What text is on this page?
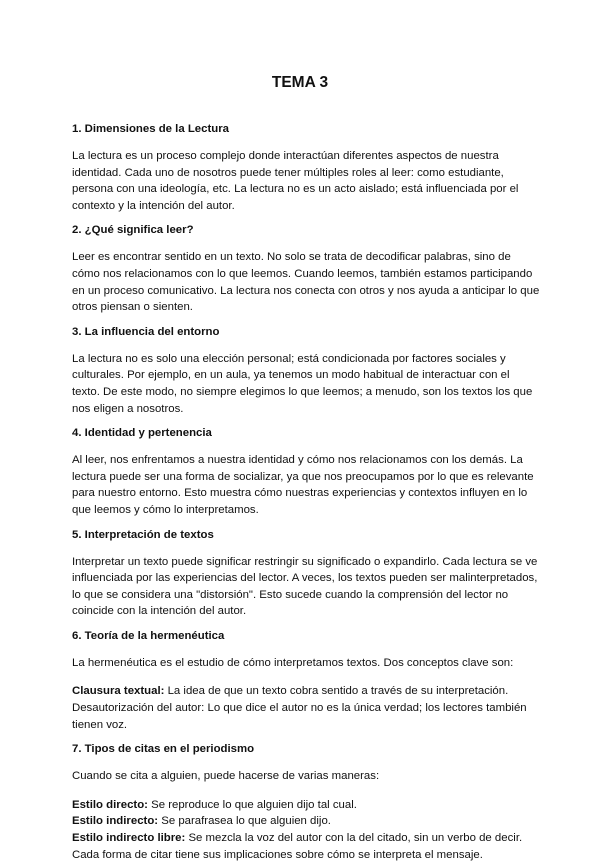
TEMA 3
1. Dimensiones de la Lectura
La lectura es un proceso complejo donde interactúan diferentes aspectos de nuestra
identidad. Cada uno de nosotros puede tener múltiples roles al leer: como estudiante,
persona con una ideología, etc. La lectura no es un acto aislado; está influenciada por el
contexto y la intención del autor.
2. ¿Qué significa leer?
Leer es encontrar sentido en un texto. No solo se trata de decodificar palabras, sino de
cómo nos relacionamos con lo que leemos. Cuando leemos, también estamos participando
en un proceso comunicativo. La lectura nos conecta con otros y nos ayuda a anticipar lo que
otros piensan o sienten.
3. La influencia del entorno
La lectura no es solo una elección personal; está condicionada por factores sociales y
culturales. Por ejemplo, en un aula, ya tenemos un modo habitual de interactuar con el
texto. De este modo, no siempre elegimos lo que leemos; a menudo, son los textos los que
nos eligen a nosotros.
4. Identidad y pertenencia
Al leer, nos enfrentamos a nuestra identidad y cómo nos relacionamos con los demás. La
lectura puede ser una forma de socializar, ya que nos preocupamos por lo que es relevante
para nuestro entorno. Esto muestra cómo nuestras experiencias y contextos influyen en lo
que leemos y cómo lo interpretamos.
5. Interpretación de textos
Interpretar un texto puede significar restringir su significado o expandirlo. Cada lectura se ve
influenciada por las experiencias del lector. A veces, los textos pueden ser malinterpretados,
lo que se considera una "distorsión". Esto sucede cuando la comprensión del lector no
coincide con la intención del autor.
6. Teoría de la hermenéutica
La hermenéutica es el estudio de cómo interpretamos textos. Dos conceptos clave son:
Clausura textual: La idea de que un texto cobra sentido a través de su interpretación.
Desautorización del autor: Lo que dice el autor no es la única verdad; los lectores también
tienen voz.
7. Tipos de citas en el periodismo
Cuando se cita a alguien, puede hacerse de varias maneras:
Estilo directo: Se reproduce lo que alguien dijo tal cual.
Estilo indirecto: Se parafrasea lo que alguien dijo.
Estilo indirecto libre: Se mezcla la voz del autor con la del citado, sin un verbo de decir.
Cada forma de citar tiene sus implicaciones sobre cómo se interpreta el mensaje.
